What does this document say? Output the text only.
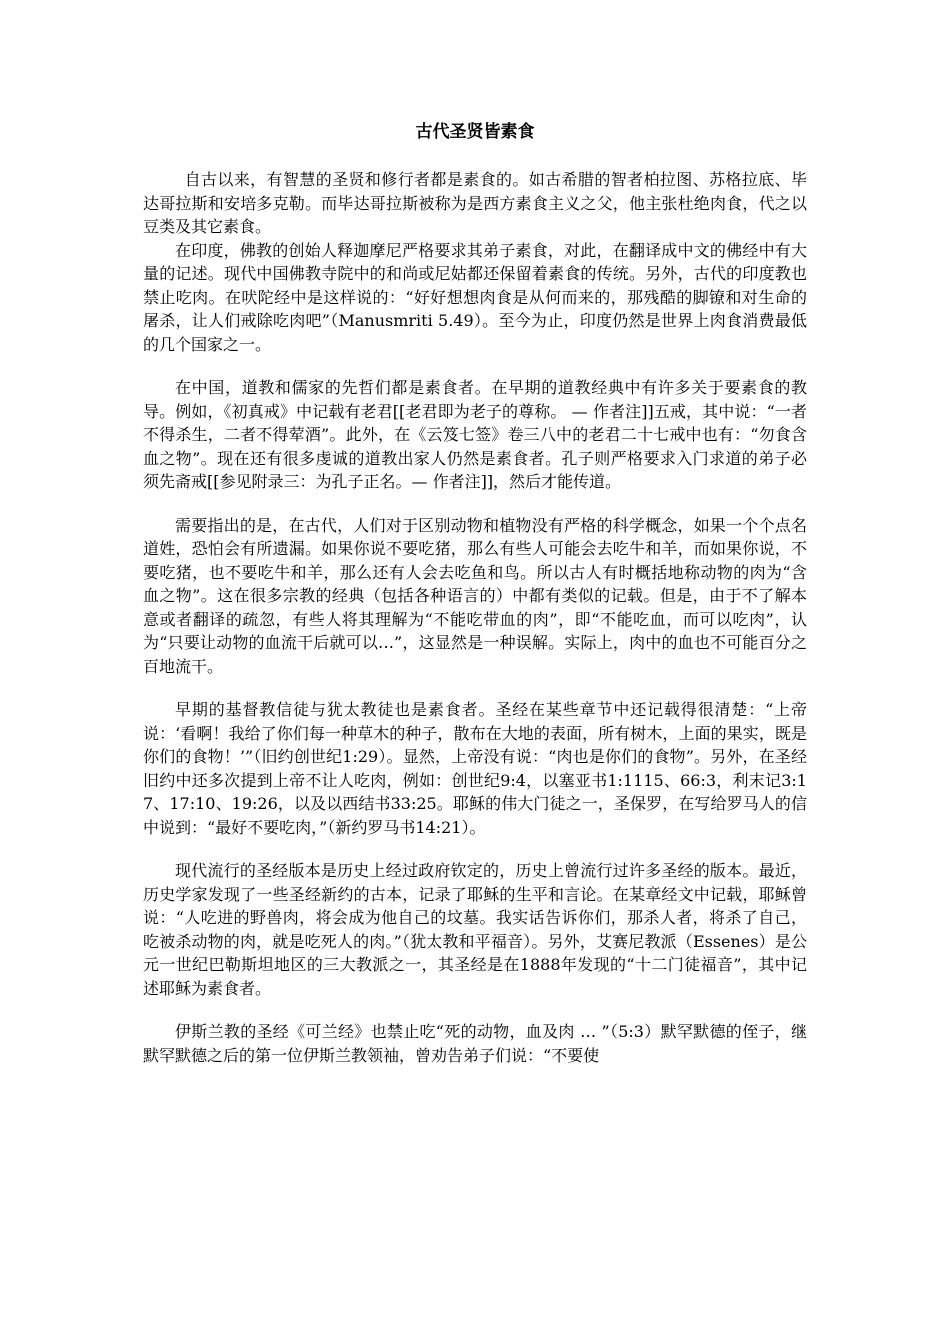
古代圣贤皆素食

自古以来，有智慧的圣贤和修行者都是素食的。如古希腊的智者柏拉图、苏格拉底、毕达哥拉斯和安培多克勒。而毕达哥拉斯被称为是西方素食主义之父，他主张杜绝肉食，代之以豆类及其它素食。

在印度，佛教的创始人释迦摩尼严格要求其弟子素食，对此，在翻译成中文的佛经中有大量的记述。现代中国佛教寺院中的和尚或尼姑都还保留着素食的传统。另外，古代的印度教也禁止吃肉。在吠陀经中是这样说的：“好好想想肉食是从何而来的，那残酷的脚镣和对生命的屠杀，让人们戒除吃肉吧”（Manusmriti 5.49）。至今为止，印度仍然是世界上肉食消费最低的几个国家之一。

在中国，道教和儒家的先哲们都是素食者。在早期的道教经典中有许多关于要素食的教导。例如，《初真戒》中记载有老君[[老君即为老子的尊称。 — 作者注]]五戒，其中说：“一者不得杀生，二者不得荤酒”。此外，在《云笈七签》卷三八中的老君二十七戒中也有：“勿食含血之物”。现在还有很多虔诚的道教出家人仍然是素食者。孔子则严格要求入门求道的弟子必须先斋戒[[参见附录三：为孔子正名。— 作者注]]，然后才能传道。

需要指出的是，在古代，人们对于区别动物和植物没有严格的科学概念，如果一个个点名道姓，恐怕会有所遗漏。如果你说不要吃猪，那么有些人可能会去吃牛和羊，而如果你说，不要吃猪，也不要吃牛和羊，那么还有人会去吃鱼和鸟。所以古人有时概括地称动物的肉为“含血之物”。这在很多宗教的经典（包括各种语言的）中都有类似的记载。但是，由于不了解本意或者翻译的疏忽，有些人将其理解为“不能吃带血的肉”，即“不能吃血，而可以吃肉”，认为“只要让动物的血流干后就可以…”，这显然是一种误解。实际上，肉中的血也不可能百分之百地流干。

早期的基督教信徒与犹太教徒也是素食者。圣经在某些章节中还记载得很清楚：“上帝说：‘看啊！我给了你们每一种草木的种子，散布在大地的表面，所有树木，上面的果实，既是你们的食物！’”（旧约创世纪1:29）。显然，上帝没有说：“肉也是你们的食物”。另外，在圣经旧约中还多次提到上帝不让人吃肉，例如：创世纪9:4，以塞亚书1:1115、66:3，利末记3:17、17:10、19:26，以及以西结书33:25。耶稣的伟大门徒之一，圣保罗，在写给罗马人的信中说到：“最好不要吃肉，”（新约罗马书14:21）。

现代流行的圣经版本是历史上经过政府钦定的，历史上曾流行过许多圣经的版本。最近，历史学家发现了一些圣经新约的古本，记录了耶稣的生平和言论。在某章经文中记载，耶稣曾说：“人吃进的野兽肉，将会成为他自己的坟墓。我实话告诉你们，那杀人者，将杀了自己，吃被杀动物的肉，就是吃死人的肉。”（犹太教和平福音）。另外，艾赛尼教派（Essenes）是公元一世纪巴勒斯坦地区的三大教派之一，其圣经是在1888年发现的“十二门徒福音”，其中记述耶稣为素食者。

伊斯兰教的圣经《可兰经》也禁止吃“死的动物，血及肉 … ”（5:3）默罕默德的侄子，继默罕默德之后的第一位伊斯兰教领袖，曾劝告弟子们说：“不要使
